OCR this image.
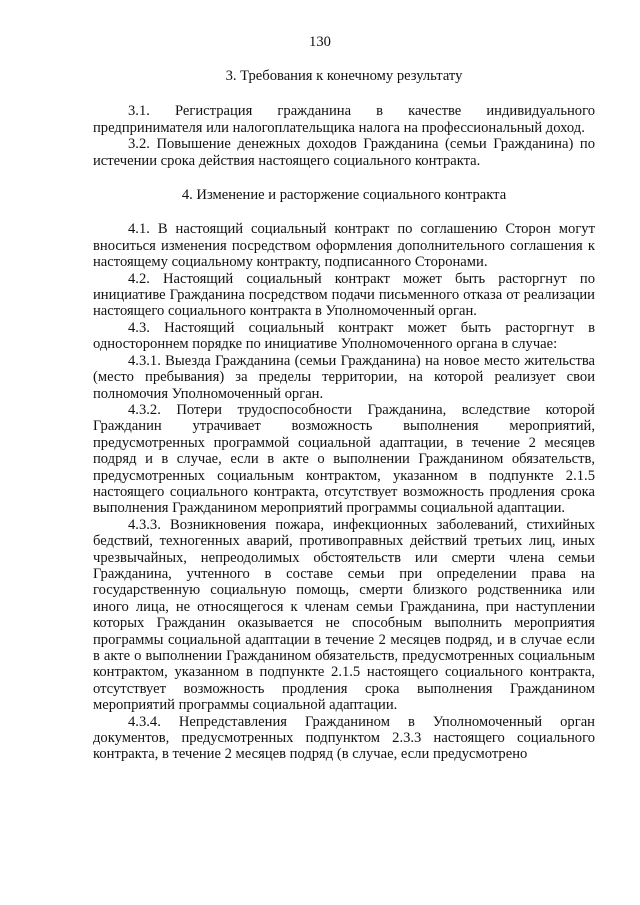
130

3. Требования к конечному результату

3.1. Регистрация гражданина в качестве индивидуального предпринимателя или налогоплательщика налога на профессиональный доход.

3.2. Повышение денежных доходов Гражданина (семьи Гражданина) по истечении срока действия настоящего социального контракта.

4. Изменение и расторжение социального контракта

4.1. В настоящий социальный контракт по соглашению Сторон могут вноситься изменения посредством оформления дополнительного соглашения к настоящему социальному контракту, подписанного Сторонами.

4.2. Настоящий социальный контракт может быть расторгнут по инициативе Гражданина посредством подачи письменного отказа от реализации настоящего социального контракта в Уполномоченный орган.

4.3. Настоящий социальный контракт может быть расторгнут в одностороннем порядке по инициативе Уполномоченного органа в случае:

4.3.1. Выезда Гражданина (семьи Гражданина) на новое место жительства (место пребывания) за пределы территории, на которой реализует свои полномочия Уполномоченный орган.

4.3.2. Потери трудоспособности Гражданина, вследствие которой Гражданин утрачивает возможность выполнения мероприятий, предусмотренных программой социальной адаптации, в течение 2 месяцев подряд и в случае, если в акте о выполнении Гражданином обязательств, предусмотренных социальным контрактом, указанном в подпункте 2.1.5 настоящего социального контракта, отсутствует возможность продления срока выполнения Гражданином мероприятий программы социальной адаптации.

4.3.3. Возникновения пожара, инфекционных заболеваний, стихийных бедствий, техногенных аварий, противоправных действий третьих лиц, иных чрезвычайных, непреодолимых обстоятельств или смерти члена семьи Гражданина, учтенного в составе семьи при определении права на государственную социальную помощь, смерти близкого родственника или иного лица, не относящегося к членам семьи Гражданина, при наступлении которых Гражданин оказывается не способным выполнить мероприятия программы социальной адаптации в течение 2 месяцев подряд, и в случае если в акте о выполнении Гражданином обязательств, предусмотренных социальным контрактом, указанном в подпункте 2.1.5 настоящего социального контракта, отсутствует возможность продления срока выполнения Гражданином мероприятий программы социальной адаптации.

4.3.4. Непредставления Гражданином в Уполномоченный орган документов, предусмотренных подпунктом 2.3.3 настоящего социального контракта, в течение 2 месяцев подряд (в случае, если предусмотрено
